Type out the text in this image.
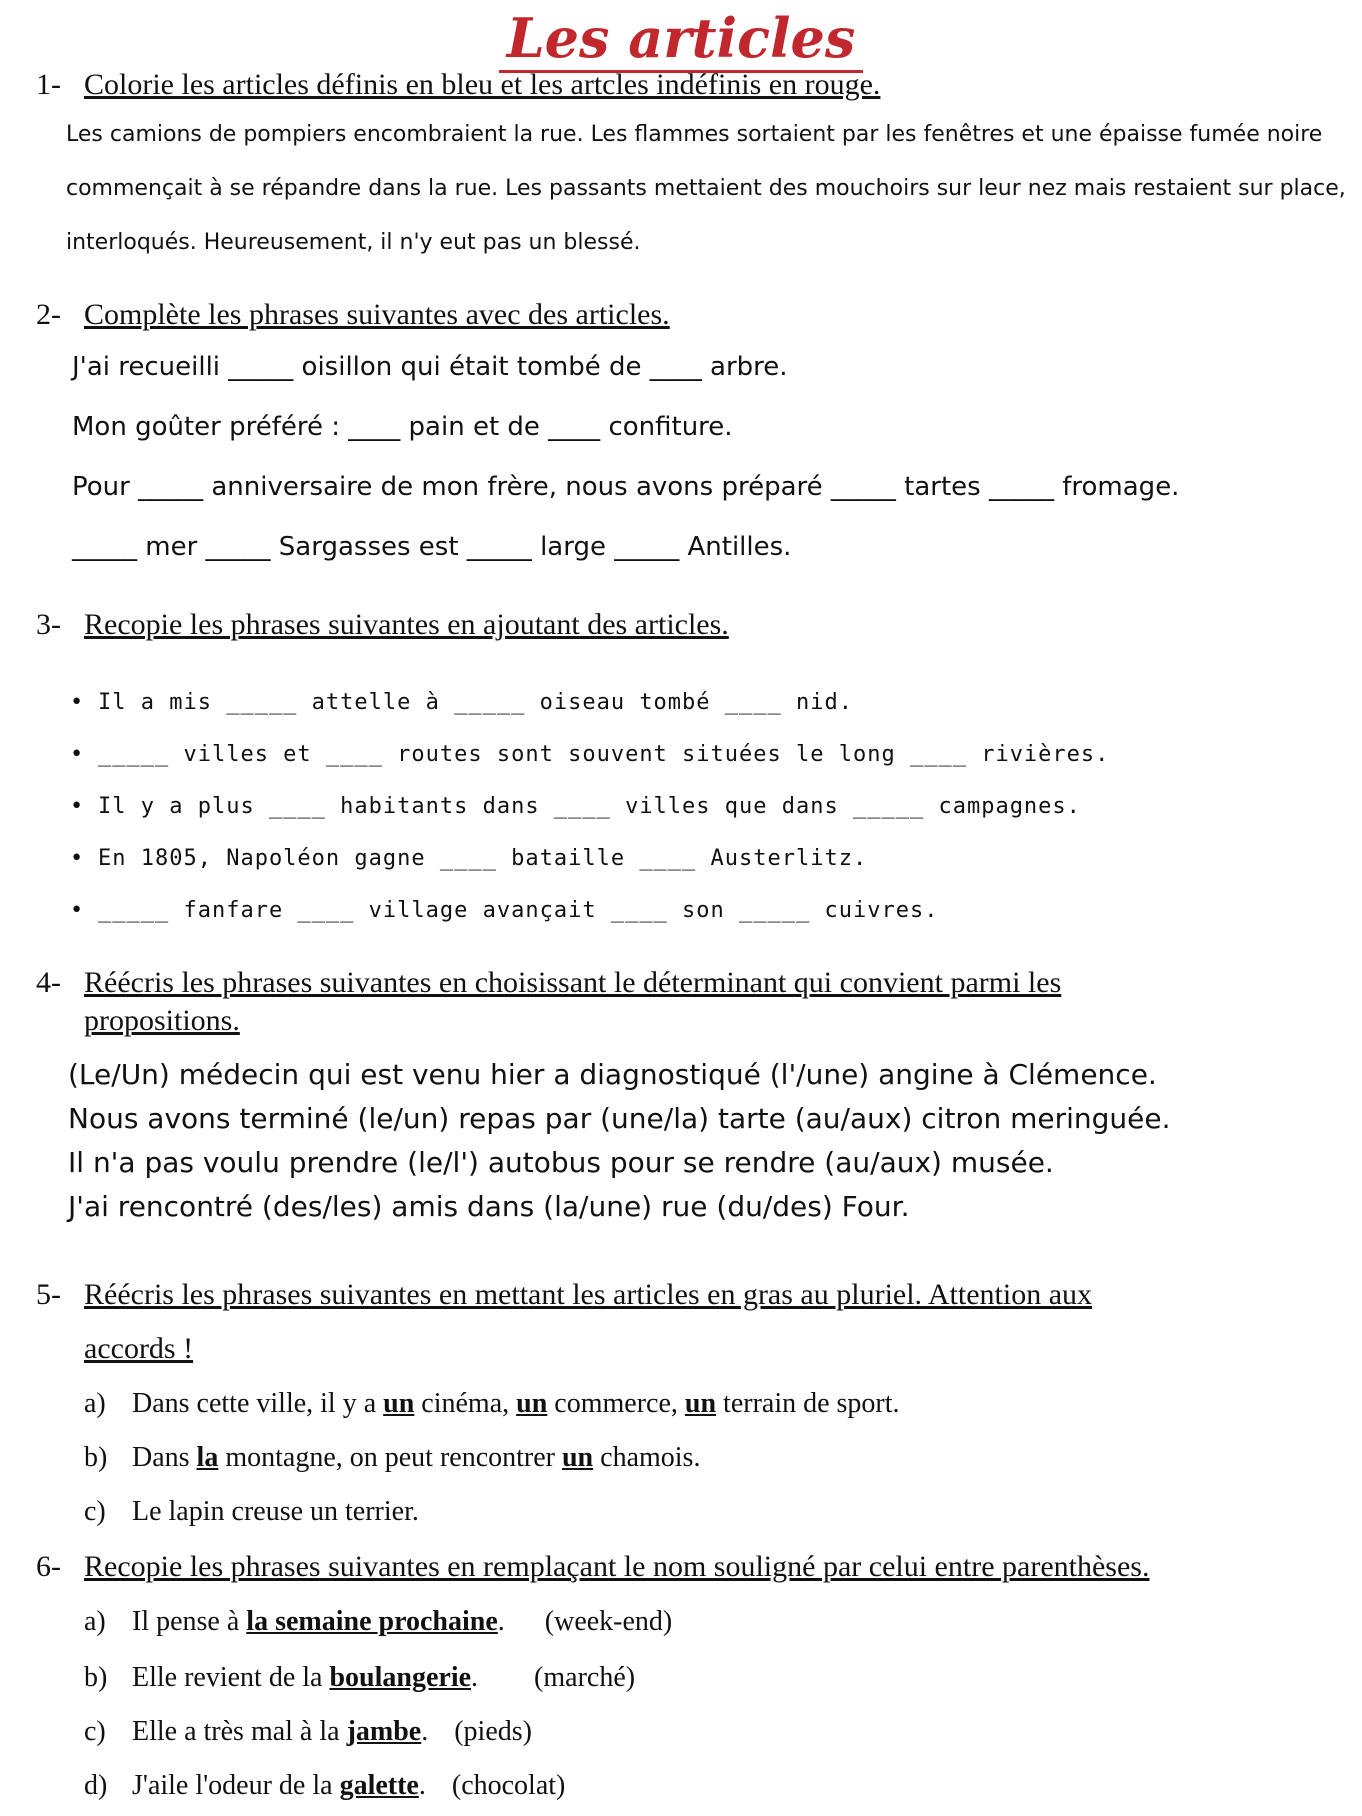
Les articles
1- Colorie les articles définis en bleu et les artcles indéfinis en rouge.
Les camions de pompiers encombraient la rue. Les flammes sortaient par les fenêtres et une épaisse fumée noire
commençait à se répandre dans la rue. Les passants mettaient des mouchoirs sur leur nez mais restaient sur place,
interloqués. Heureusement, il n'y eut pas un blessé.
2- Complète les phrases suivantes avec des articles.
J'ai recueilli _____ oisillon qui était tombé de ____ arbre.
Mon goûter préféré : ____ pain et de ____ confiture.
Pour _____ anniversaire de mon frère, nous avons préparé _____ tartes _____ fromage.
_____ mer _____ Sargasses est _____ large _____ Antilles.
3- Recopie les phrases suivantes en ajoutant des articles.
• Il a mis _____ attelle à _____ oiseau tombé ____ nid.
• _____ villes et ____ routes sont souvent situées le long ____ rivières.
• Il y a plus ____ habitants dans ____ villes que dans _____ campagnes.
• En 1805, Napoléon gagne ____ bataille ____ Austerlitz.
• _____ fanfare ____ village avançait ____ son _____ cuivres.
4- Réécris les phrases suivantes en choisissant le déterminant qui convient parmi les
propositions.
(Le/Un) médecin qui est venu hier a diagnostiqué (l'/une) angine à Clémence.
Nous avons terminé (le/un) repas par (une/la) tarte (au/aux) citron meringuée.
Il n'a pas voulu prendre (le/l') autobus pour se rendre (au/aux) musée.
J'ai rencontré (des/les) amis dans (la/une) rue (du/des) Four.
5- Réécris les phrases suivantes en mettant les articles en gras au pluriel. Attention aux
accords !
a) Dans cette ville, il y a un cinéma, un commerce, un terrain de sport.
b) Dans la montagne, on peut rencontrer un chamois.
c) Le lapin creuse un terrier.
6- Recopie les phrases suivantes en remplaçant le nom souligné par celui entre parenthèses.
a) Il pense à la semaine prochaine. (week-end)
b) Elle revient de la boulangerie. (marché)
c) Elle a très mal à la jambe. (pieds)
d) J'aile l'odeur de la galette. (chocolat)
